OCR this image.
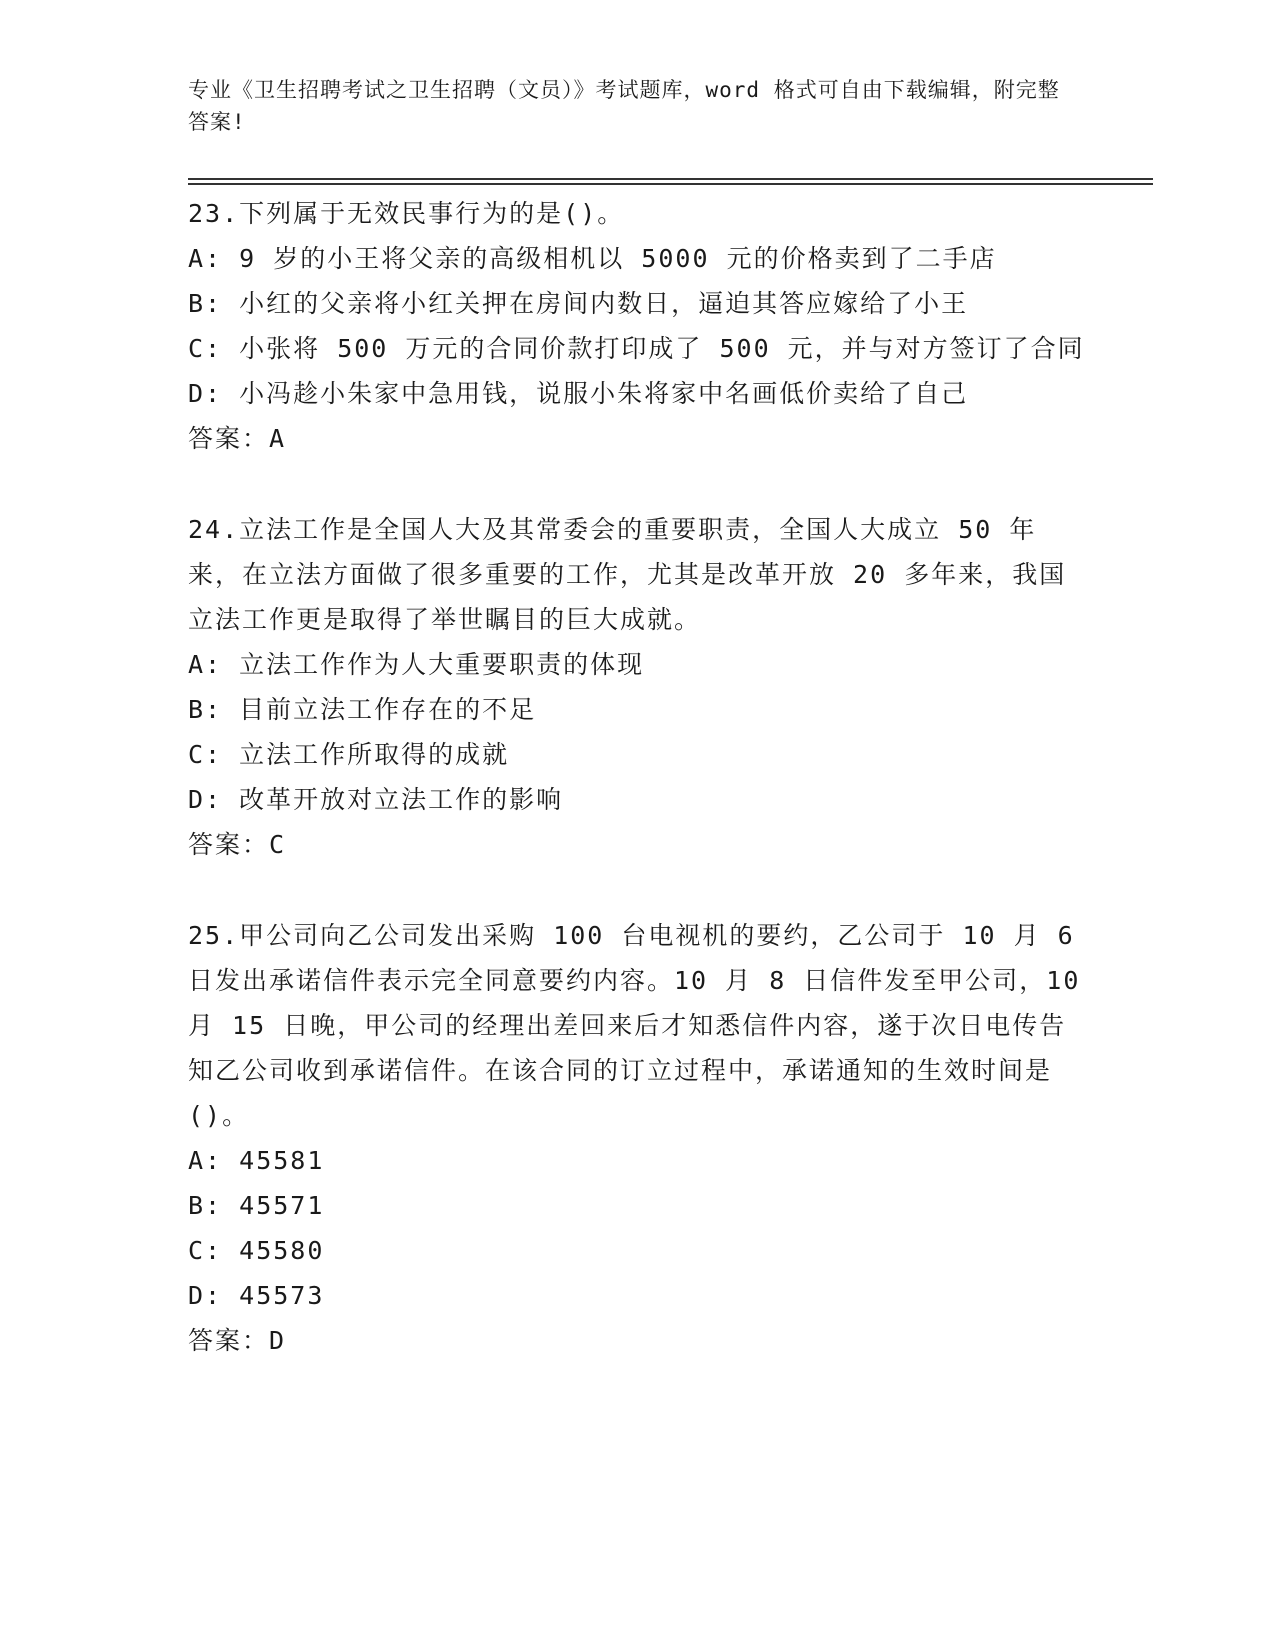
专业《卫生招聘考试之卫生招聘（文员）》考试题库，word 格式可自由下载编辑，附完整答案!
23.下列属于无效民事行为的是()。
A: 9 岁的小王将父亲的高级相机以 5000 元的价格卖到了二手店
B: 小红的父亲将小红关押在房间内数日，逼迫其答应嫁给了小王
C: 小张将 500 万元的合同价款打印成了 500 元，并与对方签订了合同
D: 小冯趁小朱家中急用钱，说服小朱将家中名画低价卖给了自己
答案：A
24.立法工作是全国人大及其常委会的重要职责，全国人大成立 50 年来，在立法方面做了很多重要的工作，尤其是改革开放 20 多年来，我国立法工作更是取得了举世瞩目的巨大成就。
A: 立法工作作为人大重要职责的体现
B: 目前立法工作存在的不足
C: 立法工作所取得的成就
D: 改革开放对立法工作的影响
答案：C
25.甲公司向乙公司发出采购 100 台电视机的要约，乙公司于 10 月 6 日发出承诺信件表示完全同意要约内容。10 月 8 日信件发至甲公司，10 月 15 日晚，甲公司的经理出差回来后才知悉信件内容，遂于次日电传告知乙公司收到承诺信件。在该合同的订立过程中，承诺通知的生效时间是()。
A: 45581
B: 45571
C: 45580
D: 45573
答案：D
